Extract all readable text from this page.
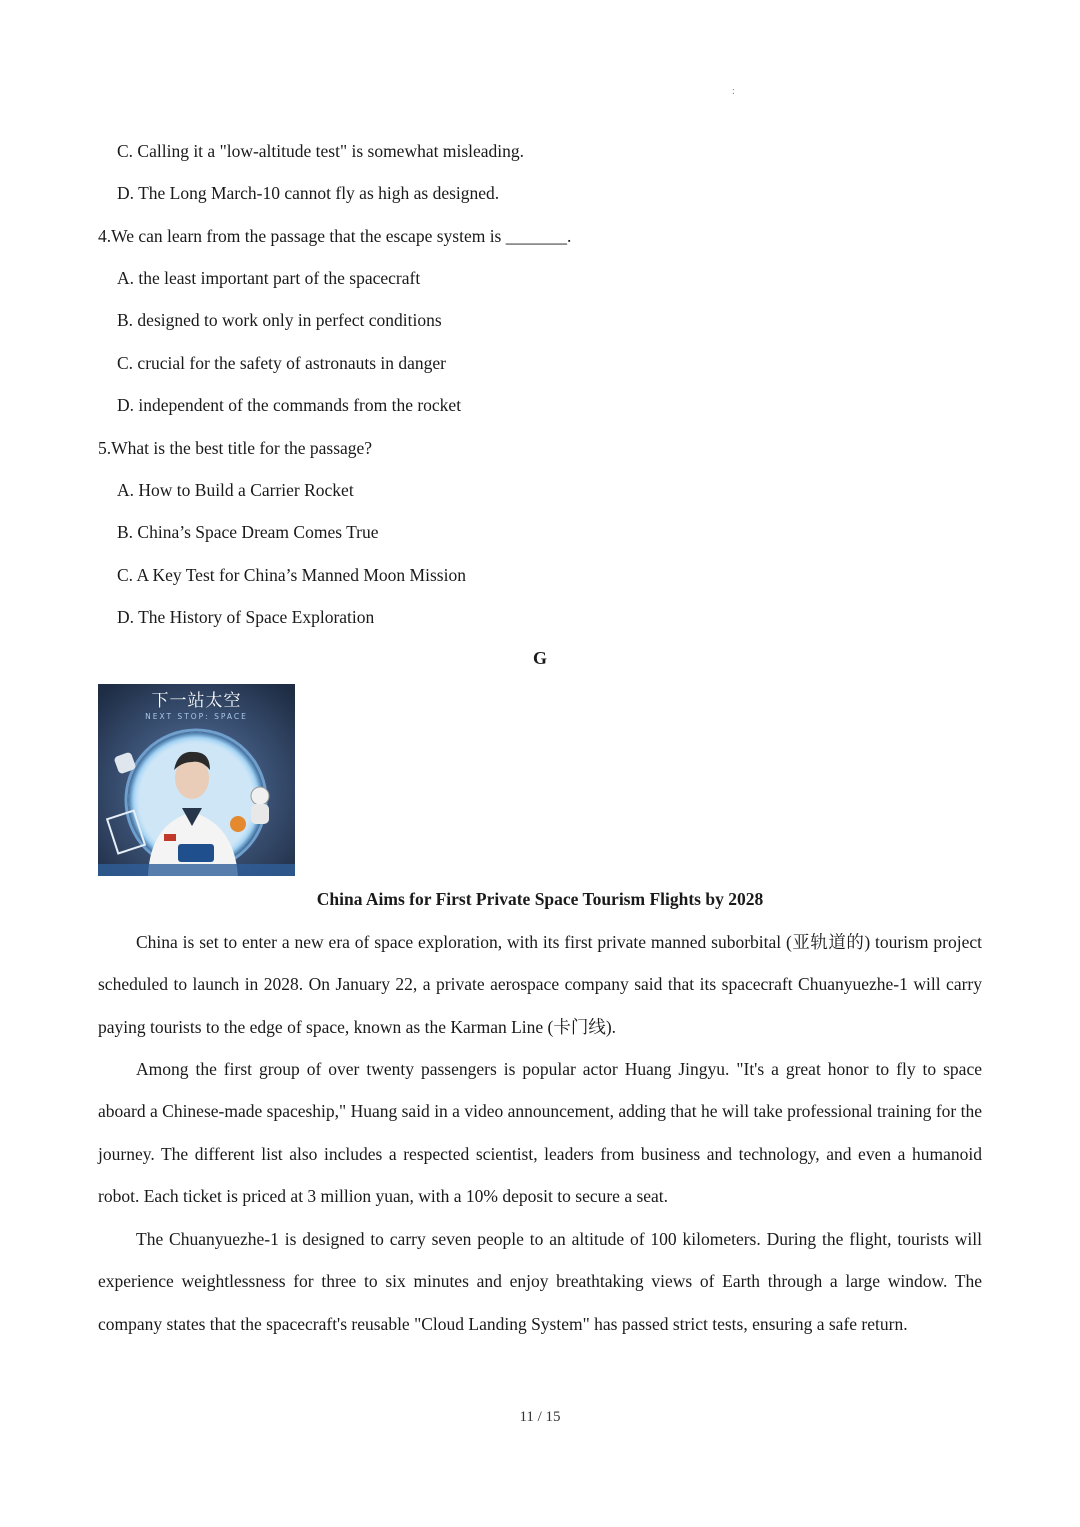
:
C. Calling it a "low-altitude test" is somewhat misleading.
D. The Long March-10 cannot fly as high as designed.
4.We can learn from the passage that the escape system is _______.
A. the least important part of the spacecraft
B. designed to work only in perfect conditions
C. crucial for the safety of astronauts in danger
D. independent of the commands from the rocket
5.What is the best title for the passage?
A. How to Build a Carrier Rocket
B. China’s Space Dream Comes True
C. A Key Test for China’s Manned Moon Mission
D. The History of Space Exploration
G
下一站太空
NEXT STOP: SPACE
China Aims for First Private Space Tourism Flights by 2028

China is set to enter a new era of space exploration, with its first private manned suborbital (亚轨道的) tourism project scheduled to launch in 2028. On January 22, a private aerospace company said that its spacecraft Chuanyuezhe-1 will carry paying tourists to the edge of space, known as the Karman Line (卡门线).

Among the first group of over twenty passengers is popular actor Huang Jingyu. "It's a great honor to fly to space aboard a Chinese-made spaceship," Huang said in a video announcement, adding that he will take professional training for the journey. The different list also includes a respected scientist, leaders from business and technology, and even a humanoid robot. Each ticket is priced at 3 million yuan, with a 10% deposit to secure a seat.

The Chuanyuezhe-1 is designed to carry seven people to an altitude of 100 kilometers. During the flight, tourists will experience weightlessness for three to six minutes and enjoy breathtaking views of Earth through a large window. The company states that the spacecraft's reusable "Cloud Landing System" has passed strict tests, ensuring a safe return.

11 / 15
